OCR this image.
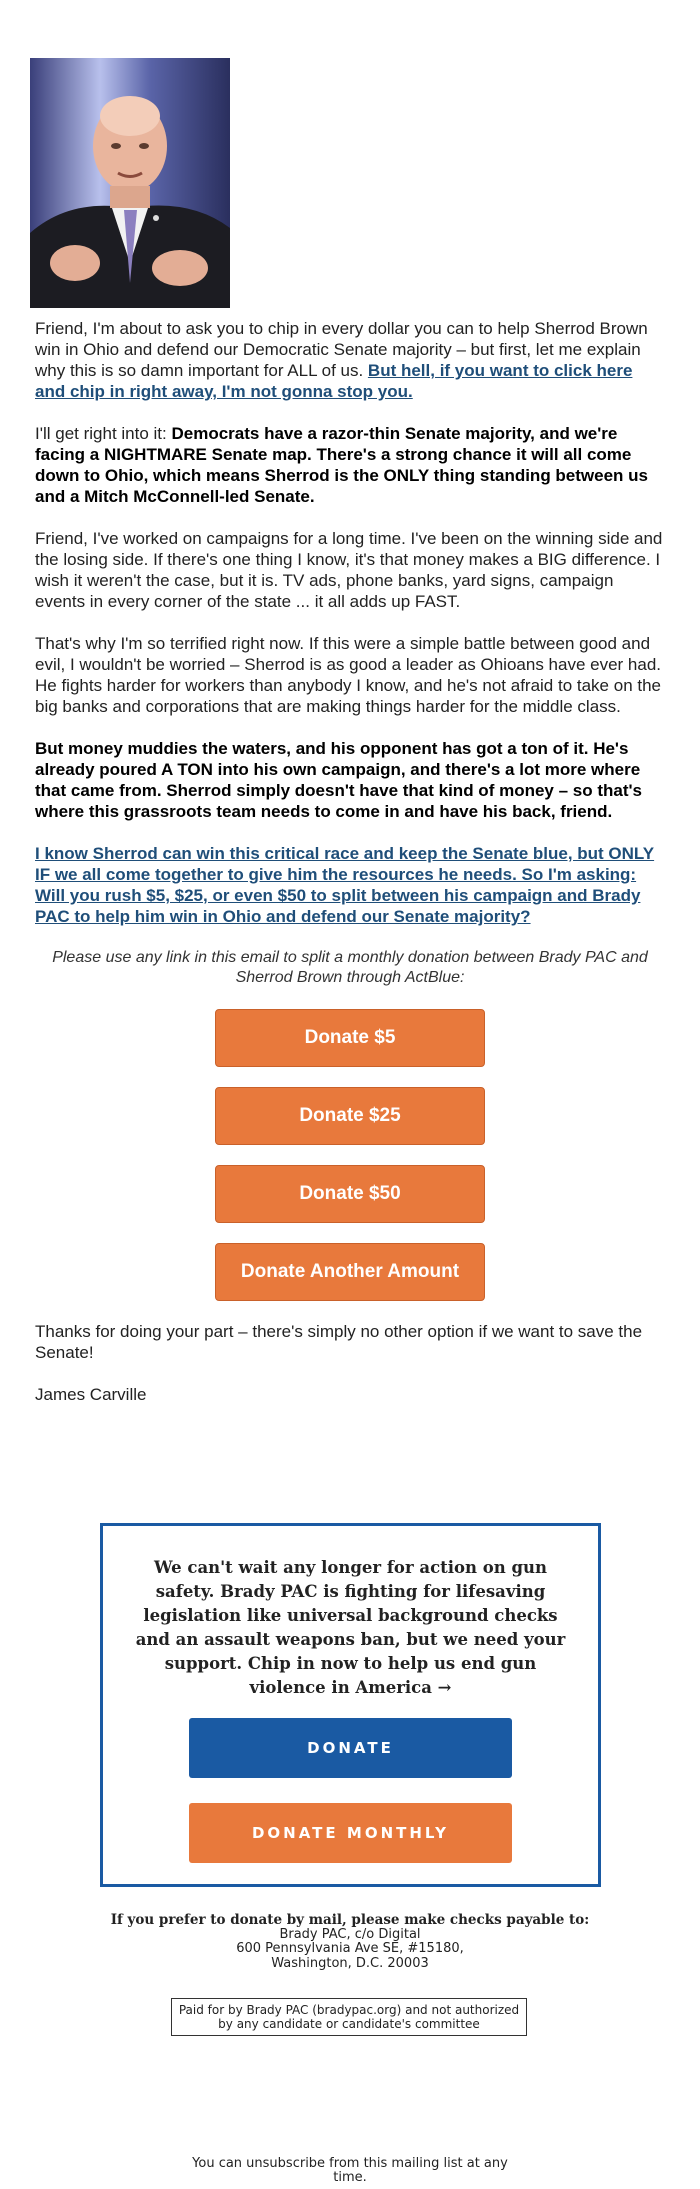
Friend, I'm about to ask you to chip in every dollar you can to help Sherrod Brown win in Ohio and defend our Democratic Senate majority – but first, let me explain why this is so damn important for ALL of us. But hell, if you want to click here and chip in right away, I'm not gonna stop you.

I'll get right into it: Democrats have a razor-thin Senate majority, and we're facing a NIGHTMARE Senate map. There's a strong chance it will all come down to Ohio, which means Sherrod is the ONLY thing standing between us and a Mitch McConnell-led Senate.

Friend, I've worked on campaigns for a long time. I've been on the winning side and the losing side. If there's one thing I know, it's that money makes a BIG difference. I wish it weren't the case, but it is. TV ads, phone banks, yard signs, campaign events in every corner of the state ... it all adds up FAST.

That's why I'm so terrified right now. If this were a simple battle between good and evil, I wouldn't be worried – Sherrod is as good a leader as Ohioans have ever had. He fights harder for workers than anybody I know, and he's not afraid to take on the big banks and corporations that are making things harder for the middle class.

But money muddies the waters, and his opponent has got a ton of it. He's already poured A TON into his own campaign, and there's a lot more where that came from. Sherrod simply doesn't have that kind of money – so that's where this grassroots team needs to come in and have his back, friend.

I know Sherrod can win this critical race and keep the Senate blue, but ONLY IF we all come together to give him the resources he needs. So I'm asking: Will you rush $5, $25, or even $50 to split between his campaign and Brady PAC to help him win in Ohio and defend our Senate majority?

Please use any link in this email to split a monthly donation between Brady PAC and Sherrod Brown through ActBlue:

Donate $5
Donate $25
Donate $50
Donate Another Amount

Thanks for doing your part – there's simply no other option if we want to save the Senate!

James Carville

We can't wait any longer for action on gun safety. Brady PAC is fighting for lifesaving legislation like universal background checks and an assault weapons ban, but we need your support. Chip in now to help us end gun violence in America →
DONATE
DONATE MONTHLY
If you prefer to donate by mail, please make checks payable to:
Brady PAC, c/o Digital
600 Pennsylvania Ave SE, #15180,
Washington, D.C. 20003
Paid for by Brady PAC (bradypac.org) and not authorized by any candidate or candidate's committee
You can unsubscribe from this mailing list at any time.
